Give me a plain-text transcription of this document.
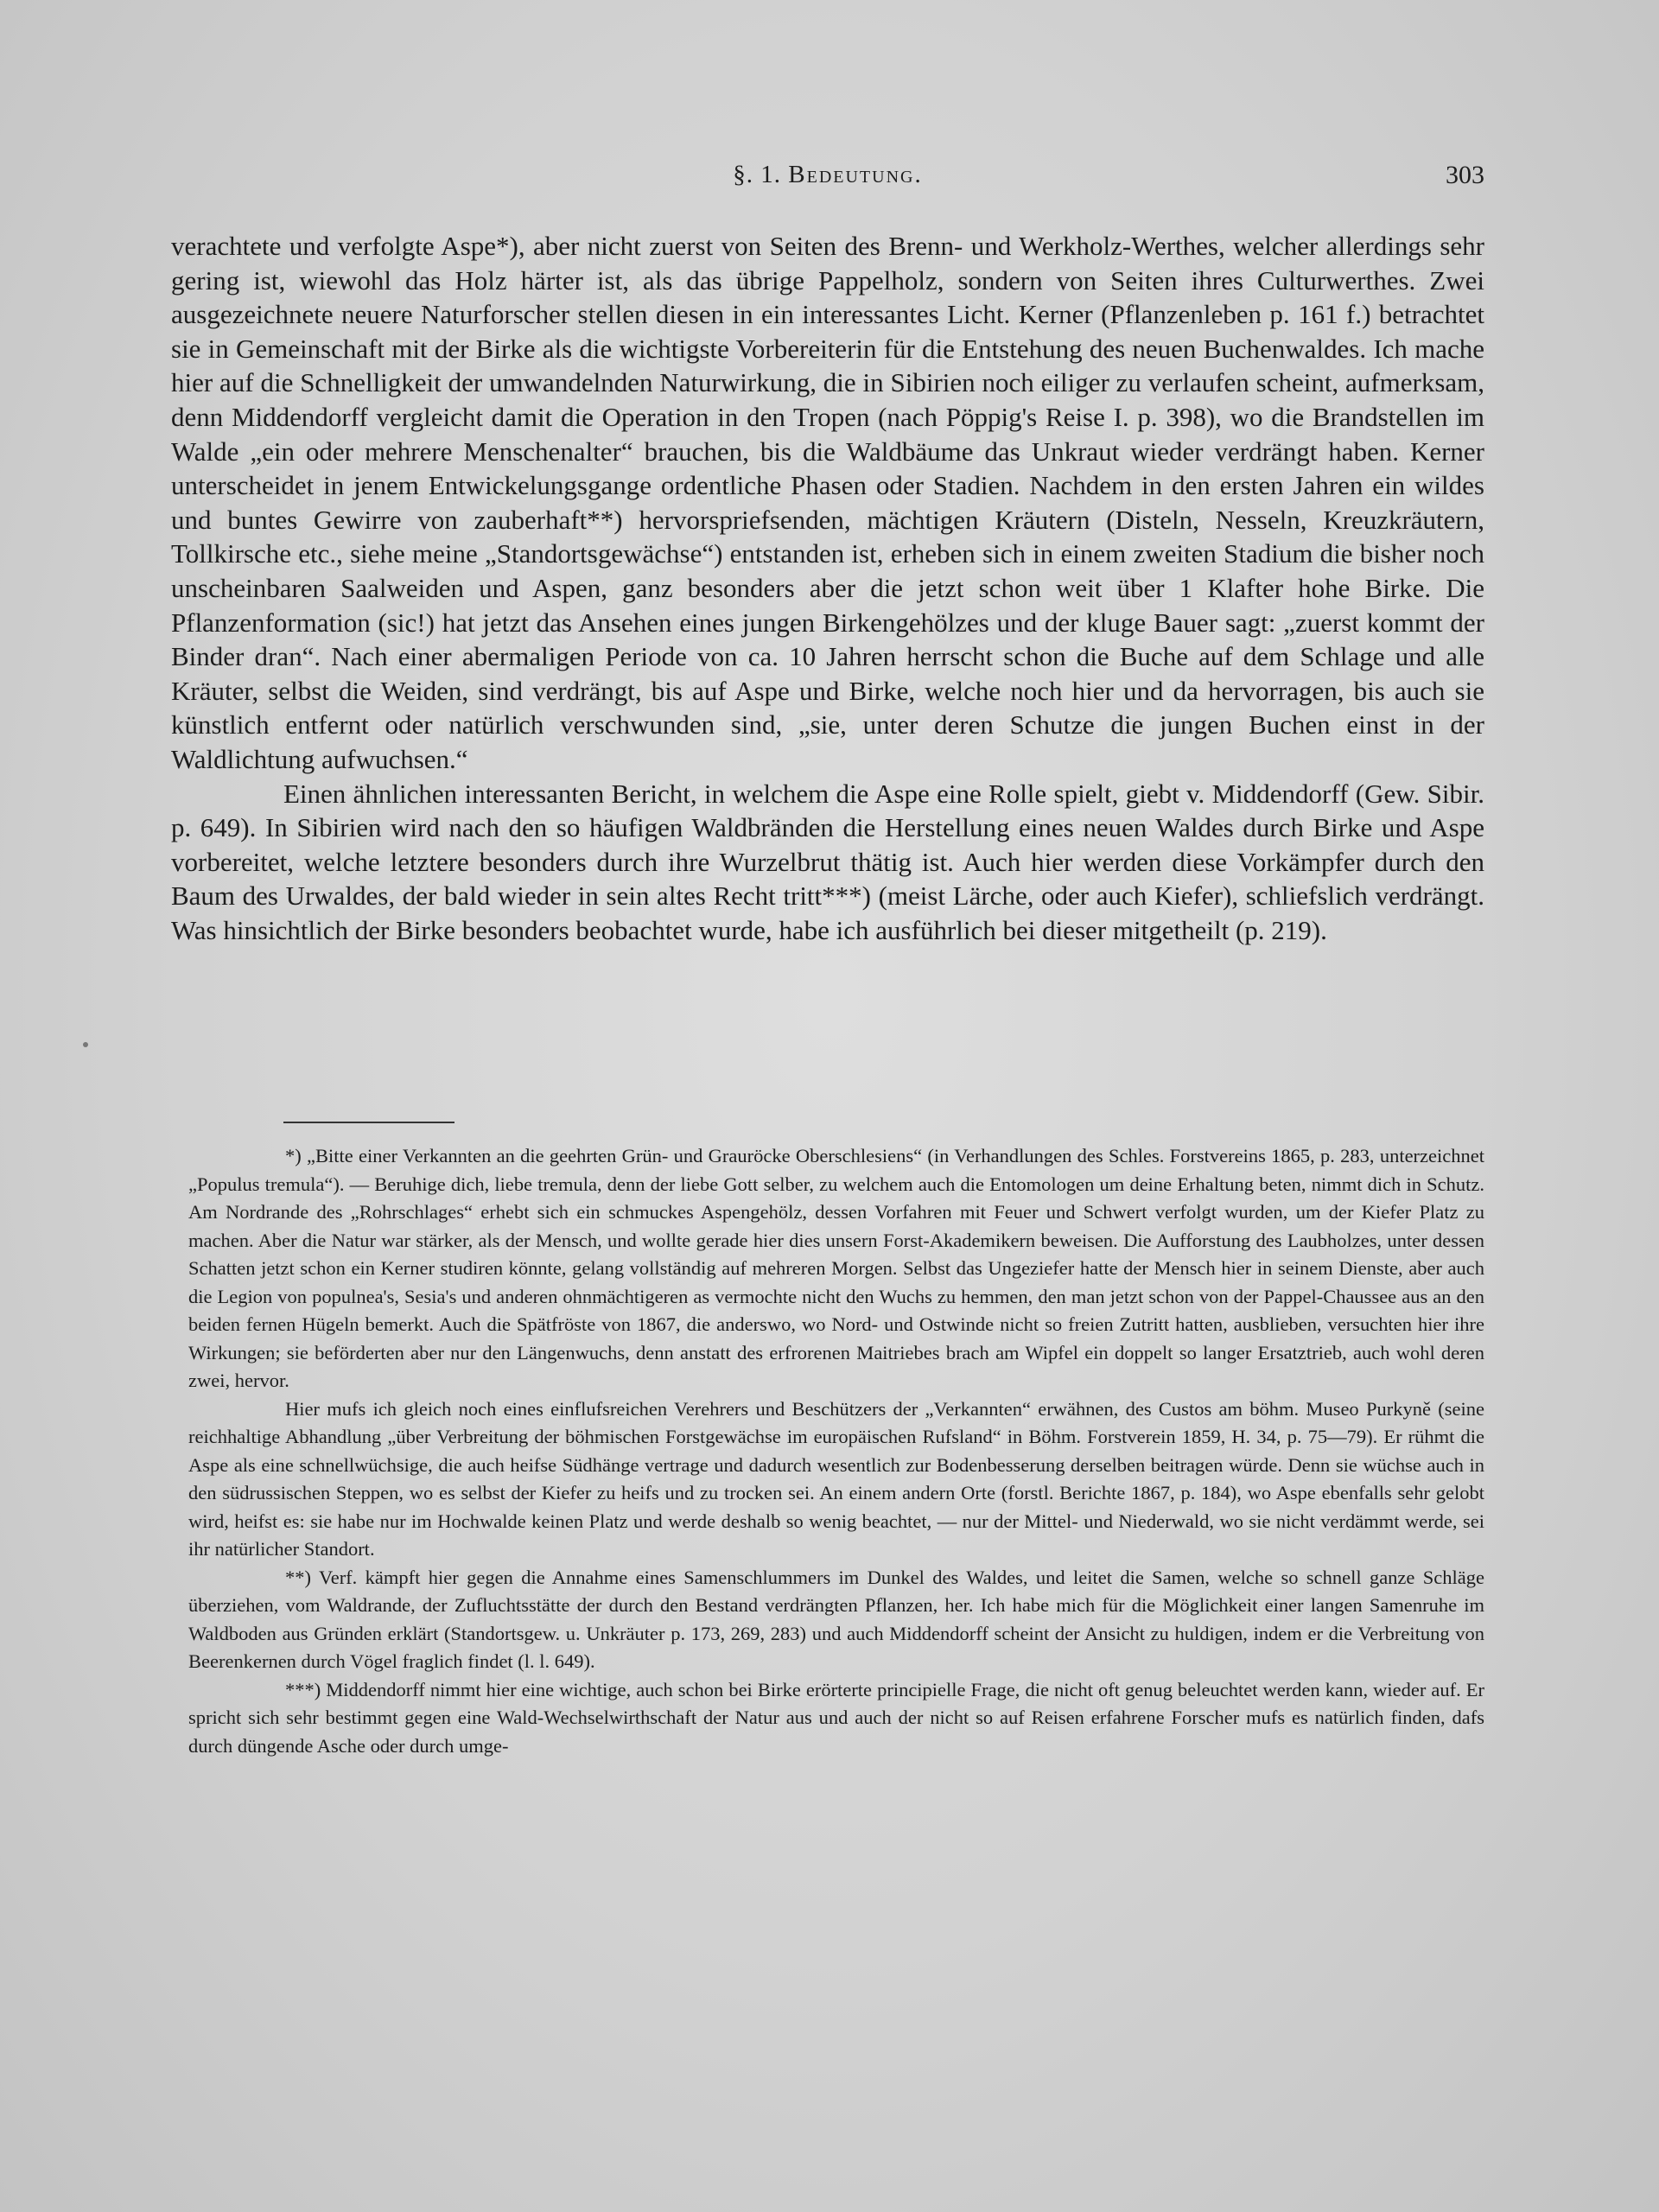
§. 1. Bedeutung.	303

verachtete und verfolgte Aspe*), aber nicht zuerst von Seiten des Brenn- und Werkholz-Werthes, welcher allerdings sehr gering ist, wiewohl das Holz härter ist, als das übrige Pappelholz, sondern von Seiten ihres Culturwerthes. Zwei ausgezeichnete neuere Naturforscher stellen diesen in ein interessantes Licht. Kerner (Pflanzenleben p. 161 f.) betrachtet sie in Gemeinschaft mit der Birke als die wichtigste Vorbereiterin für die Entstehung des neuen Buchenwaldes. Ich mache hier auf die Schnelligkeit der umwandelnden Naturwirkung, die in Sibirien noch eiliger zu verlaufen scheint, aufmerksam, denn Middendorff vergleicht damit die Operation in den Tropen (nach Pöppig's Reise I. p. 398), wo die Brandstellen im Walde „ein oder mehrere Menschenalter“ brauchen, bis die Waldbäume das Unkraut wieder verdrängt haben. Kerner unterscheidet in jenem Entwickelungsgange ordentliche Phasen oder Stadien. Nachdem in den ersten Jahren ein wildes und buntes Gewirre von zauberhaft**) hervorspriefsenden, mächtigen Kräutern (Disteln, Nesseln, Kreuzkräutern, Tollkirsche etc., siehe meine „Standortsgewächse“) entstanden ist, erheben sich in einem zweiten Stadium die bisher noch unscheinbaren Saalweiden und Aspen, ganz besonders aber die jetzt schon weit über 1 Klafter hohe Birke. Die Pflanzenformation (sic!) hat jetzt das Ansehen eines jungen Birkengehölzes und der kluge Bauer sagt: „zuerst kommt der Binder dran“. Nach einer abermaligen Periode von ca. 10 Jahren herrscht schon die Buche auf dem Schlage und alle Kräuter, selbst die Weiden, sind verdrängt, bis auf Aspe und Birke, welche noch hier und da hervorragen, bis auch sie künstlich entfernt oder natürlich verschwunden sind, „sie, unter deren Schutze die jungen Buchen einst in der Waldlichtung aufwuchsen.“

Einen ähnlichen interessanten Bericht, in welchem die Aspe eine Rolle spielt, giebt v. Middendorff (Gew. Sibir. p. 649). In Sibirien wird nach den so häufigen Waldbränden die Herstellung eines neuen Waldes durch Birke und Aspe vorbereitet, welche letztere besonders durch ihre Wurzelbrut thätig ist. Auch hier werden diese Vorkämpfer durch den Baum des Urwaldes, der bald wieder in sein altes Recht tritt***) (meist Lärche, oder auch Kiefer), schliefslich verdrängt. Was hinsichtlich der Birke besonders beobachtet wurde, habe ich ausführlich bei dieser mitgetheilt (p. 219).

*) „Bitte einer Verkannten an die geehrten Grün- und Grauröcke Oberschlesiens“ (in Verhandlungen des Schles. Forstvereins 1865, p. 283, unterzeichnet „Populus tremula“). — Beruhige dich, liebe tremula, denn der liebe Gott selber, zu welchem auch die Entomologen um deine Erhaltung beten, nimmt dich in Schutz. Am Nordrande des „Rohrschlages“ erhebt sich ein schmuckes Aspengehölz, dessen Vorfahren mit Feuer und Schwert verfolgt wurden, um der Kiefer Platz zu machen. Aber die Natur war stärker, als der Mensch, und wollte gerade hier dies unsern Forst-Akademikern beweisen. Die Aufforstung des Laubholzes, unter dessen Schatten jetzt schon ein Kerner studiren könnte, gelang vollständig auf mehreren Morgen. Selbst das Ungeziefer hatte der Mensch hier in seinem Dienste, aber auch die Legion von populnea's, Sesia's und anderen ohnmächtigeren as vermochte nicht den Wuchs zu hemmen, den man jetzt schon von der Pappel-Chaussee aus an den beiden fernen Hügeln bemerkt. Auch die Spätfröste von 1867, die anderswo, wo Nord- und Ostwinde nicht so freien Zutritt hatten, ausblieben, versuchten hier ihre Wirkungen; sie beförderten aber nur den Längenwuchs, denn anstatt des erfrorenen Maitriebes brach am Wipfel ein doppelt so langer Ersatztrieb, auch wohl deren zwei, hervor.

Hier mufs ich gleich noch eines einflufsreichen Verehrers und Beschützers der „Verkannten“ erwähnen, des Custos am böhm. Museo Purkyně (seine reichhaltige Abhandlung „über Verbreitung der böhmischen Forstgewächse im europäischen Rufsland“ in Böhm. Forstverein 1859, H. 34, p. 75—79). Er rühmt die Aspe als eine schnellwüchsige, die auch heifse Südhänge vertrage und dadurch wesentlich zur Bodenbesserung derselben beitragen würde. Denn sie wüchse auch in den südrussischen Steppen, wo es selbst der Kiefer zu heifs und zu trocken sei. An einem andern Orte (forstl. Berichte 1867, p. 184), wo Aspe ebenfalls sehr gelobt wird, heifst es: sie habe nur im Hochwalde keinen Platz und werde deshalb so wenig beachtet, — nur der Mittel- und Niederwald, wo sie nicht verdämmt werde, sei ihr natürlicher Standort.

**) Verf. kämpft hier gegen die Annahme eines Samenschlummers im Dunkel des Waldes, und leitet die Samen, welche so schnell ganze Schläge überziehen, vom Waldrande, der Zufluchtsstätte der durch den Bestand verdrängten Pflanzen, her. Ich habe mich für die Möglichkeit einer langen Samenruhe im Waldboden aus Gründen erklärt (Standortsgew. u. Unkräuter p. 173, 269, 283) und auch Middendorff scheint der Ansicht zu huldigen, indem er die Verbreitung von Beerenkernen durch Vögel fraglich findet (l. l. 649).

***) Middendorff nimmt hier eine wichtige, auch schon bei Birke erörterte principielle Frage, die nicht oft genug beleuchtet werden kann, wieder auf. Er spricht sich sehr bestimmt gegen eine Wald-Wechselwirthschaft der Natur aus und auch der nicht so auf Reisen erfahrene Forscher mufs es natürlich finden, dafs durch düngende Asche oder durch umge-
